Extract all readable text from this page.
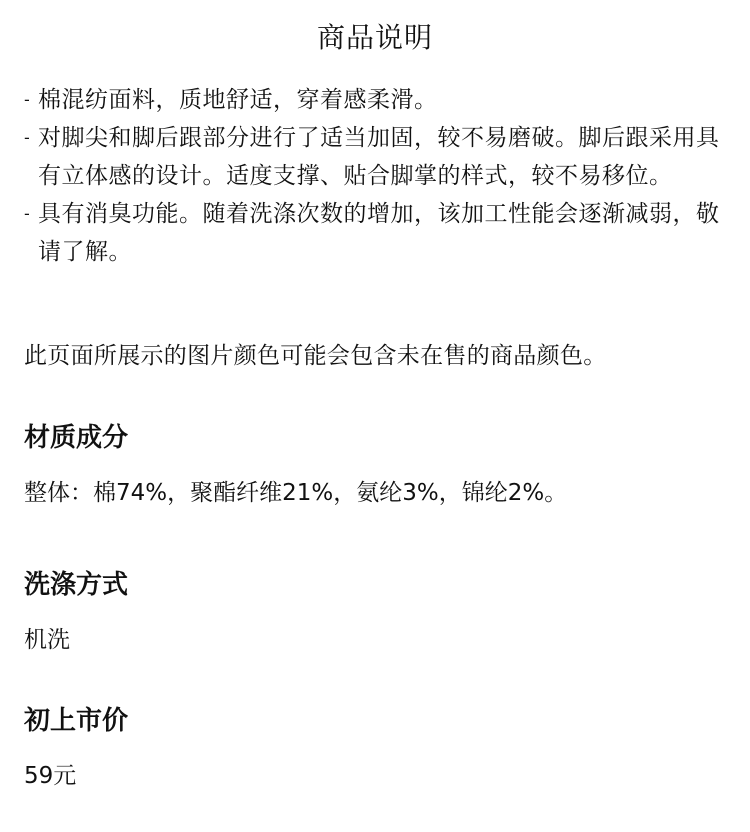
商品说明
- 棉混纺面料，质地舒适，穿着感柔滑。
- 对脚尖和脚后跟部分进行了适当加固，较不易磨破。脚后跟采用具有立体感的设计。适度支撑、贴合脚掌的样式，较不易移位。
- 具有消臭功能。随着洗涤次数的增加，该加工性能会逐渐减弱，敬请了解。
此页面所展示的图片颜色可能会包含未在售的商品颜色。
材质成分
整体：棉74%，聚酯纤维21%，氨纶3%，锦纶2%。
洗涤方式
机洗
初上市价
59元
